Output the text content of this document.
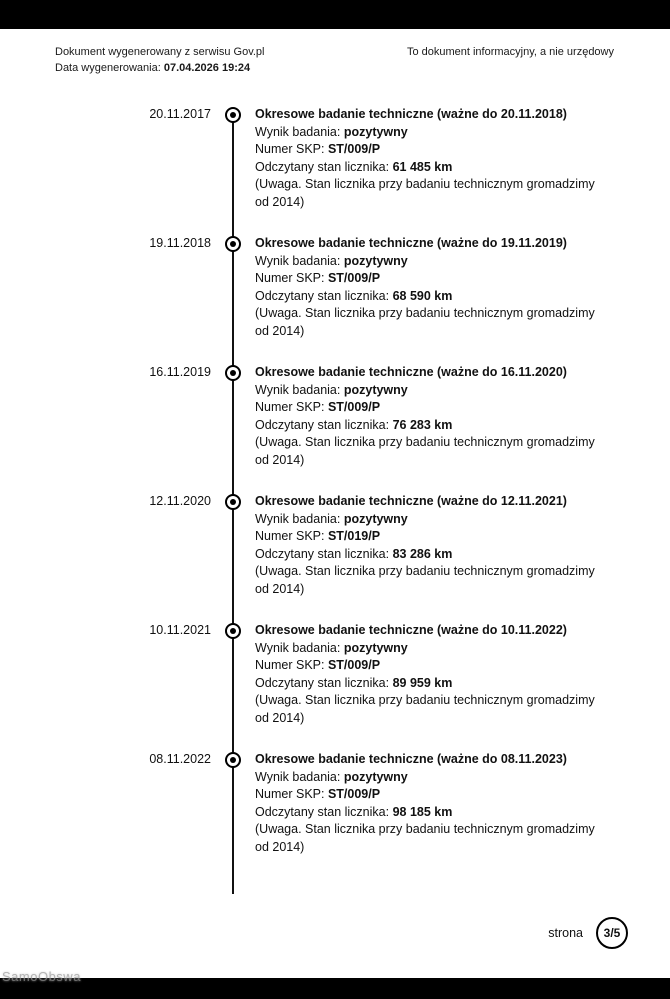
Dokument wygenerowany z serwisu Gov.pl
Data wygenerowania: 07.04.2026 19:24
To dokument informacyjny, a nie urzędowy
20.11.2017	Okresowe badanie techniczne (ważne do 20.11.2018)
Wynik badania: pozytywny
Numer SKP: ST/009/P
Odczytany stan licznika: 61 485 km
(Uwaga. Stan licznika przy badaniu technicznym gromadzimy od 2014)
19.11.2018	Okresowe badanie techniczne (ważne do 19.11.2019)
Wynik badania: pozytywny
Numer SKP: ST/009/P
Odczytany stan licznika: 68 590 km
(Uwaga. Stan licznika przy badaniu technicznym gromadzimy od 2014)
16.11.2019	Okresowe badanie techniczne (ważne do 16.11.2020)
Wynik badania: pozytywny
Numer SKP: ST/009/P
Odczytany stan licznika: 76 283 km
(Uwaga. Stan licznika przy badaniu technicznym gromadzimy od 2014)
12.11.2020	Okresowe badanie techniczne (ważne do 12.11.2021)
Wynik badania: pozytywny
Numer SKP: ST/019/P
Odczytany stan licznika: 83 286 km
(Uwaga. Stan licznika przy badaniu technicznym gromadzimy od 2014)
10.11.2021	Okresowe badanie techniczne (ważne do 10.11.2022)
Wynik badania: pozytywny
Numer SKP: ST/009/P
Odczytany stan licznika: 89 959 km
(Uwaga. Stan licznika przy badaniu technicznym gromadzimy od 2014)
08.11.2022	Okresowe badanie techniczne (ważne do 08.11.2023)
Wynik badania: pozytywny
Numer SKP: ST/009/P
Odczytany stan licznika: 98 185 km
(Uwaga. Stan licznika przy badaniu technicznym gromadzimy od 2014)
strona	3/5
SamoObswa
